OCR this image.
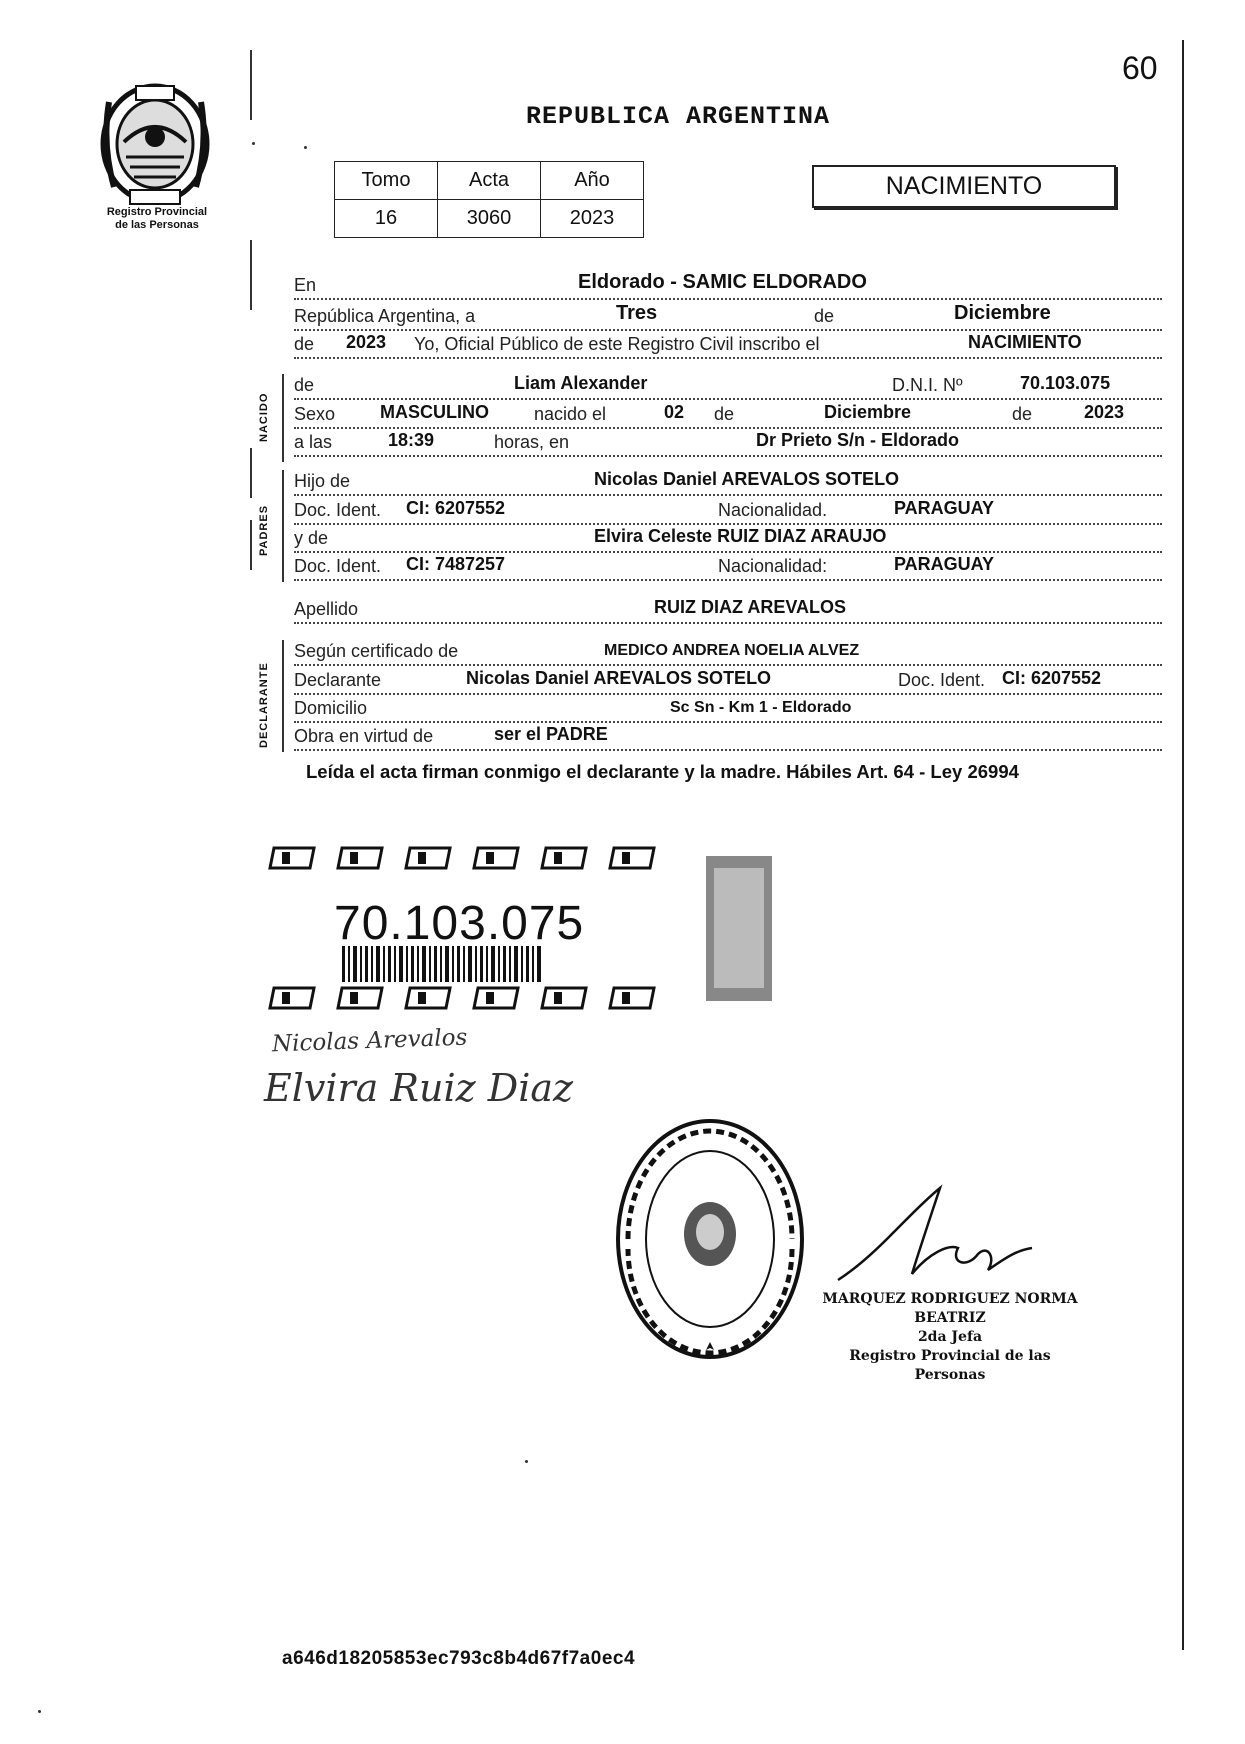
60
REPUBLICA ARGENTINA
Registro Provincial
de las Personas
Tomo	Acta	Año
16	3060	2023
NACIMIENTO
En	Eldorado - SAMIC ELDORADO
República Argentina, a	Tres	de	Diciembre
de 2023 Yo, Oficial Público de este Registro Civil inscribo el	NACIMIENTO
NACIDO
de	Liam Alexander	D.N.I. Nº	70.103.075
Sexo MASCULINO	nacido el	02 de	Diciembre	de	2023
a las	18:39	horas, en	Dr Prieto S/n - Eldorado
PADRES
Hijo de	Nicolas Daniel AREVALOS SOTELO
Doc. Ident. CI: 6207552	Nacionalidad.	PARAGUAY
y de	Elvira Celeste RUIZ DIAZ ARAUJO
Doc. Ident. CI: 7487257	Nacionalidad:	PARAGUAY
Apellido	RUIZ DIAZ AREVALOS
DECLARANTE
Según certificado de	MEDICO ANDREA NOELIA ALVEZ
Declarante	Nicolas Daniel AREVALOS SOTELO	Doc. Ident. CI: 6207552
Domicilio	Sc Sn - Km 1 - Eldorado
Obra en virtud de	ser el PADRE
Leída el acta firman conmigo el declarante y la madre. Hábiles Art. 64 - Ley 26994
70.103.075
Nicolas Arevalos
Elvira Ruiz Diaz
MARQUEZ RODRIGUEZ NORMA BEATRIZ
2da Jefa
Registro Provincial de las Personas
a646d18205853ec793c8b4d67f7a0ec4
